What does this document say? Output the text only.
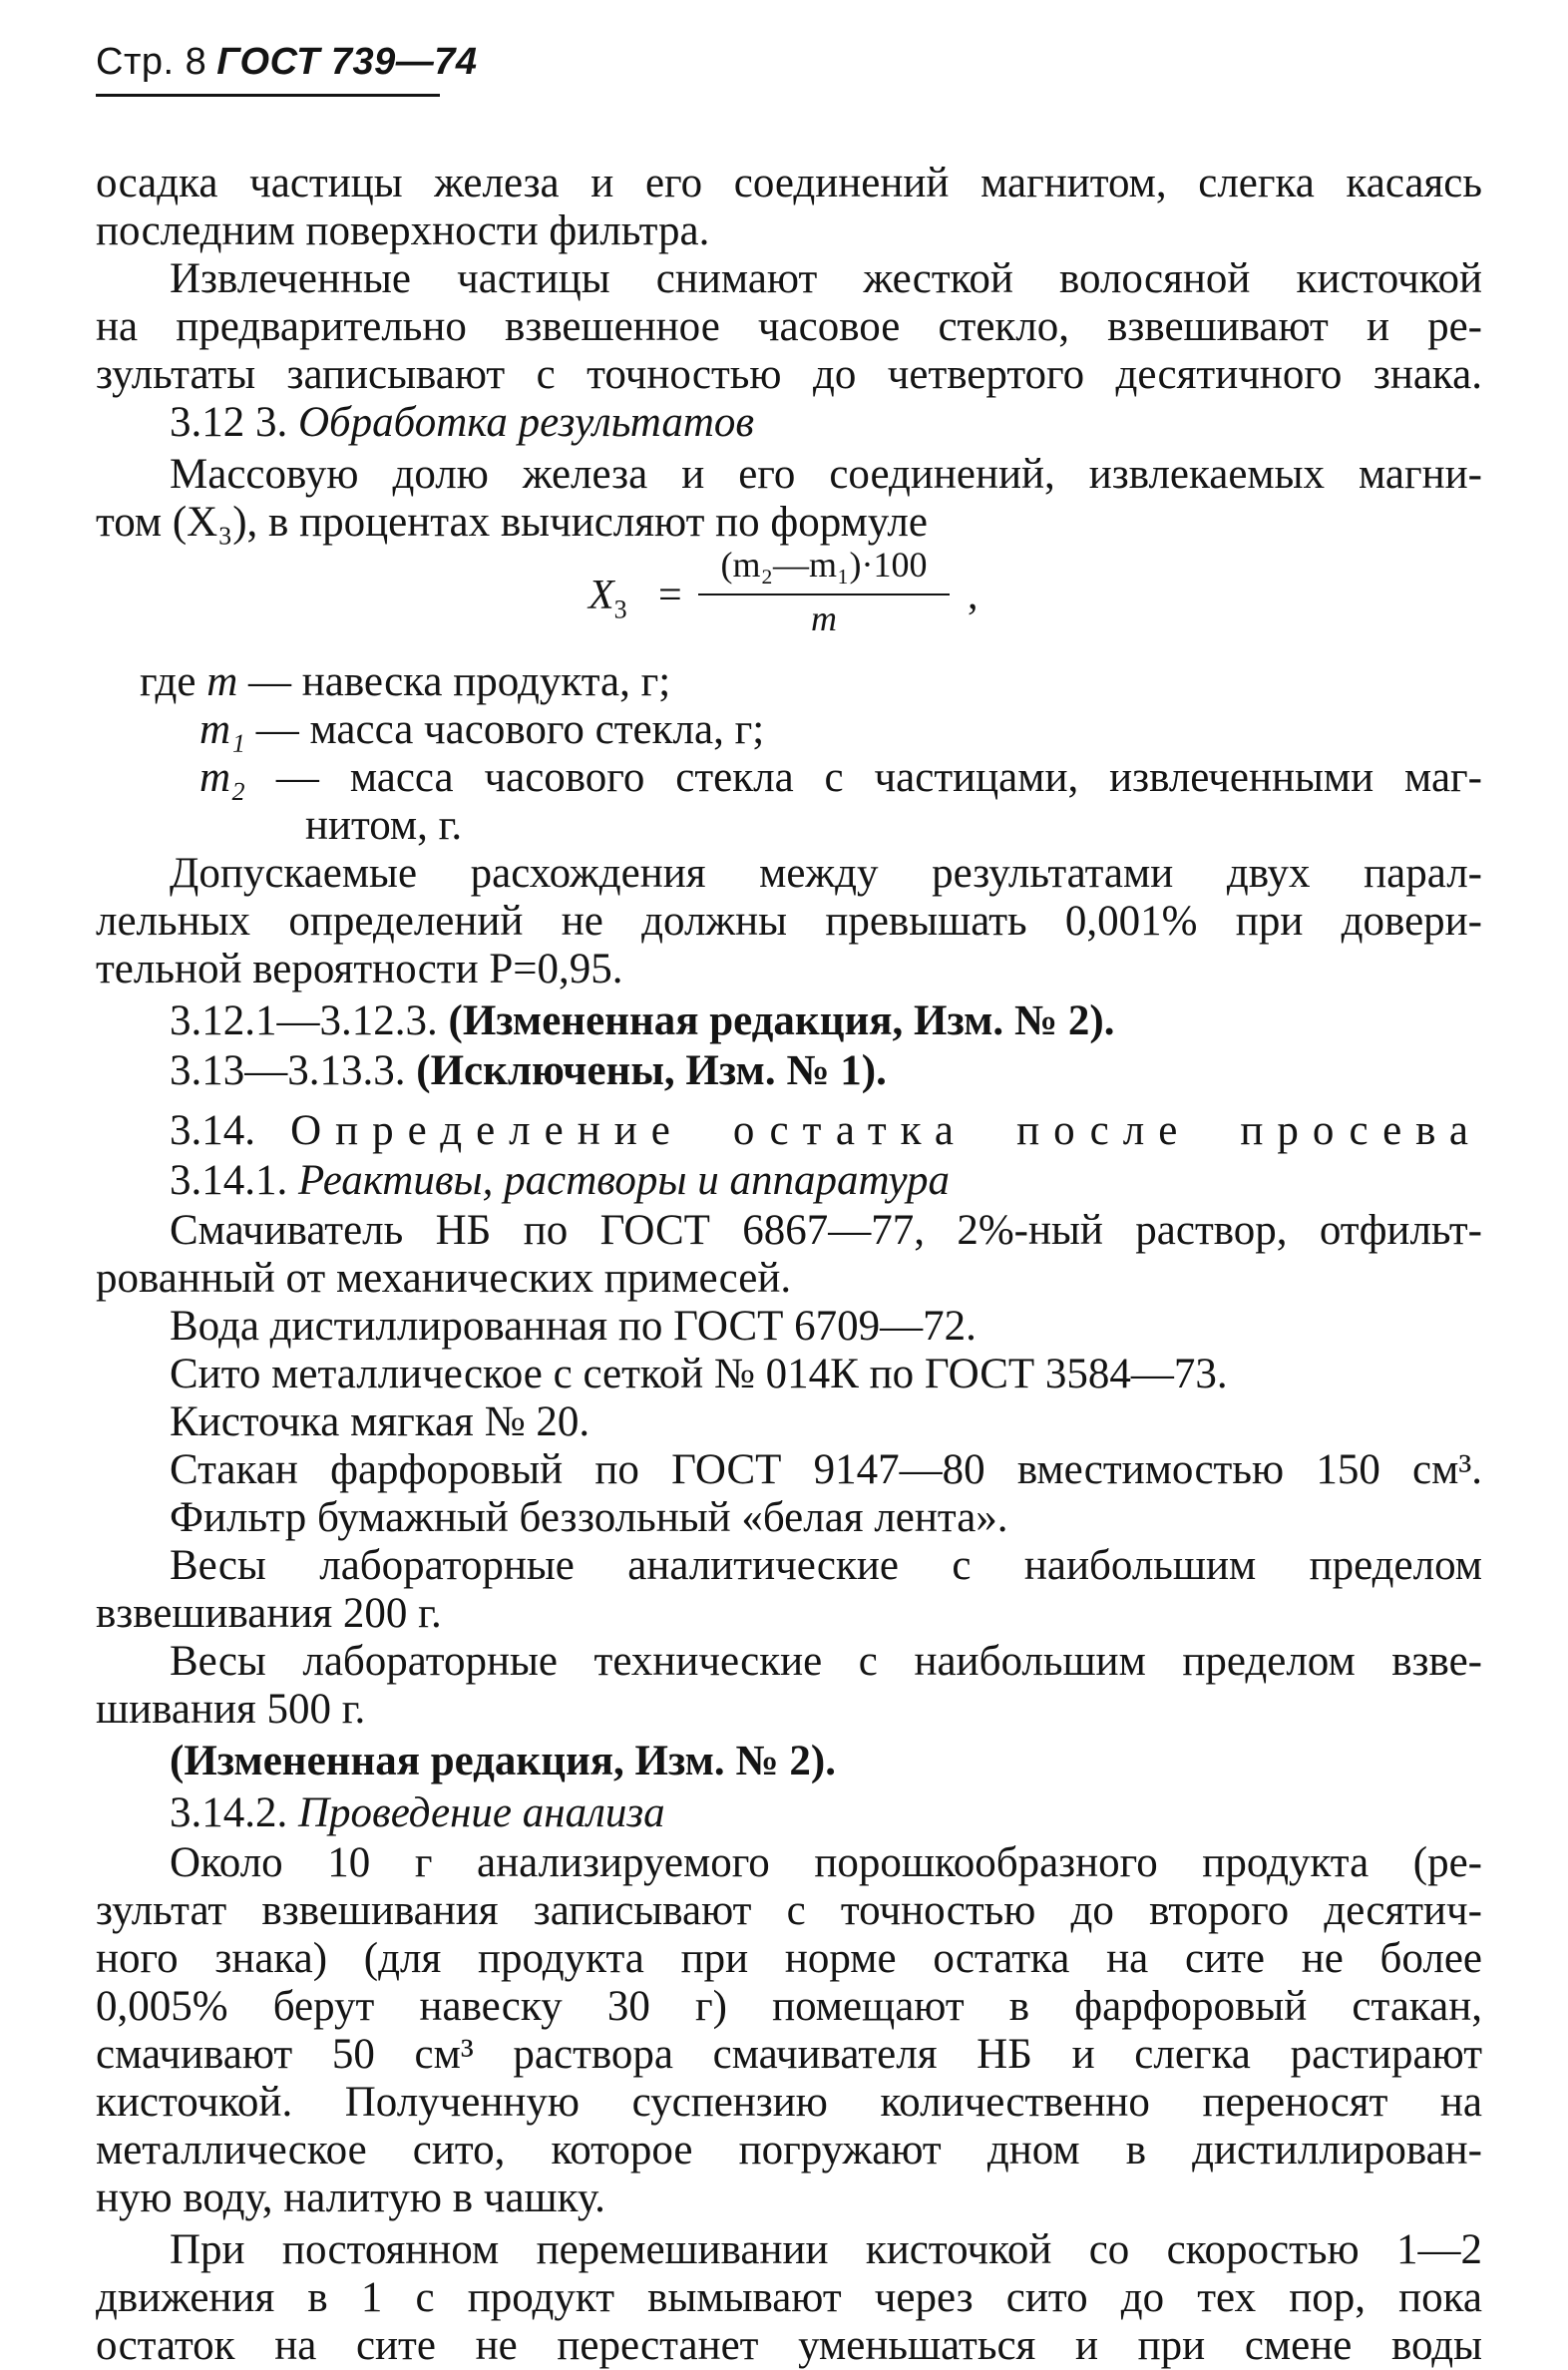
Стр. 8 ГОСТ 739—74
осадка частицы железа и его соединений магнитом, слегка касаясь
последним поверхности фильтра.
Извлеченные частицы снимают жесткой волосяной кисточкой
на предварительно взвешенное часовое стекло, взвешивают и ре-
зультаты записывают с точностью до четвертого десятичного знака.
3.12 3. Обработка результатов
Массовую долю железа и его соединений, извлекаемых магни-
том (X₃), в процентах вычисляют по формуле
$X_3$ =
(m₂—m₁)·100
m	,
где m — навеска продукта, г;
m₁ — масса часового стекла, г;
m₂ — масса часового стекла с частицами, извлеченными маг-
нитом, г.
Допускаемые расхождения между результатами двух парал-
лельных определений не должны превышать 0,001% при довери-
тельной вероятности P=0,95.
3.12.1—3.12.3. (Измененная редакция, Изм. № 2).
3.13—3.13.3. (Исключены, Изм. № 1).
3.14. Определение остатка после просева
3.14.1. Реактивы, растворы и аппаратура
Смачиватель НБ по ГОСТ 6867—77, 2%-ный раствор, отфильт-
рованный от механических примесей.
Вода дистиллированная по ГОСТ 6709—72.
Сито металлическое с сеткой № 014К по ГОСТ 3584—73.
Кисточка мягкая № 20.
Стакан фарфоровый по ГОСТ 9147—80 вместимостью 150 см³.
Фильтр бумажный беззольный «белая лента».
Весы лабораторные аналитические с наибольшим пределом
взвешивания 200 г.
Весы лабораторные технические с наибольшим пределом взве-
шивания 500 г.
(Измененная редакция, Изм. № 2).
3.14.2. Проведение анализа
Около 10 г анализируемого порошкообразного продукта (ре-
зультат взвешивания записывают с точностью до второго десятич-
ного знака) (для продукта при норме остатка на сите не более
0,005% берут навеску 30 г) помещают в фарфоровый стакан,
смачивают 50 см³ раствора смачивателя НБ и слегка растирают
кисточкой. Полученную суспензию количественно переносят на
металлическое сито, которое погружают дном в дистиллирован-
ную воду, налитую в чашку.
При постоянном перемешивании кисточкой со скоростью 1—2
движения в 1 с продукт вымывают через сито до тех пор, пока
остаток на сите не перестанет уменьшаться и при смене воды
